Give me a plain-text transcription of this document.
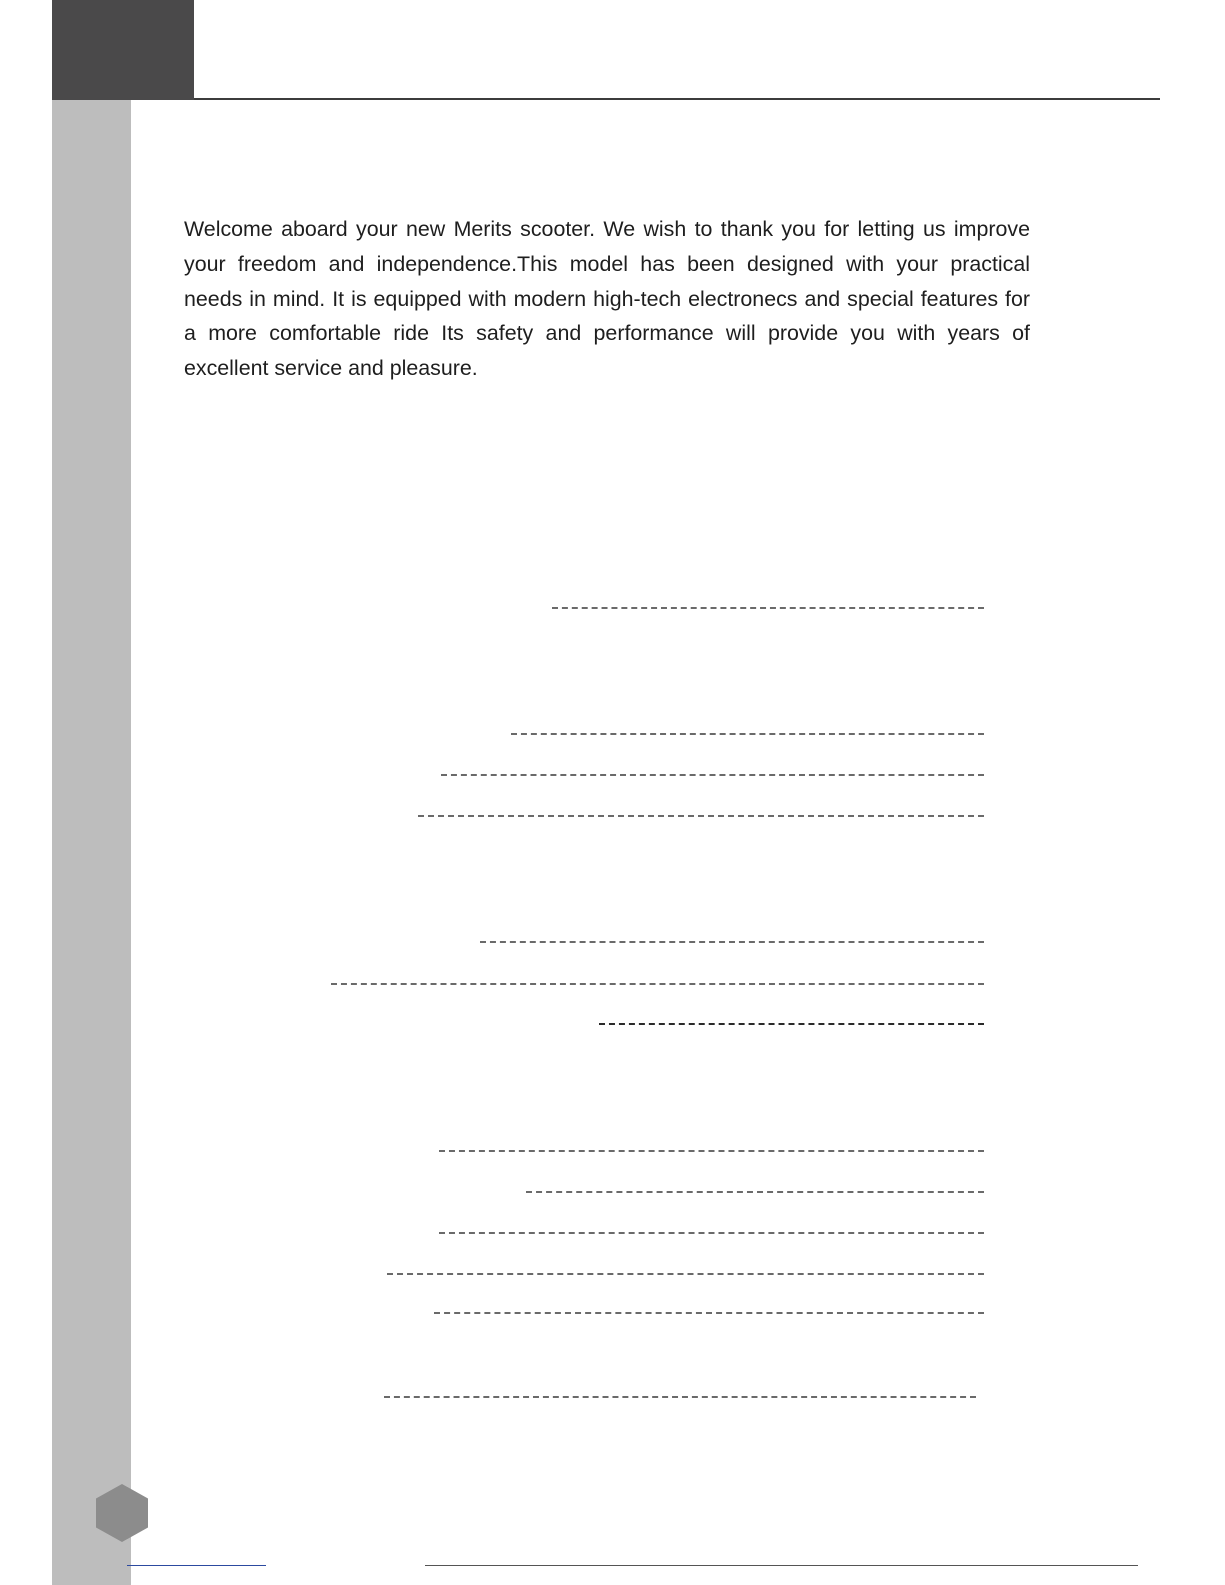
Welcome aboard your new Merits scooter. We wish to thank you for letting us improve your freedom and independence.This model has been designed with your practical needs in mind. It is equipped with modern high-tech electronecs and special features for a more comfortable ride Its safety and performance will provide you with years of excellent service and pleasure.
